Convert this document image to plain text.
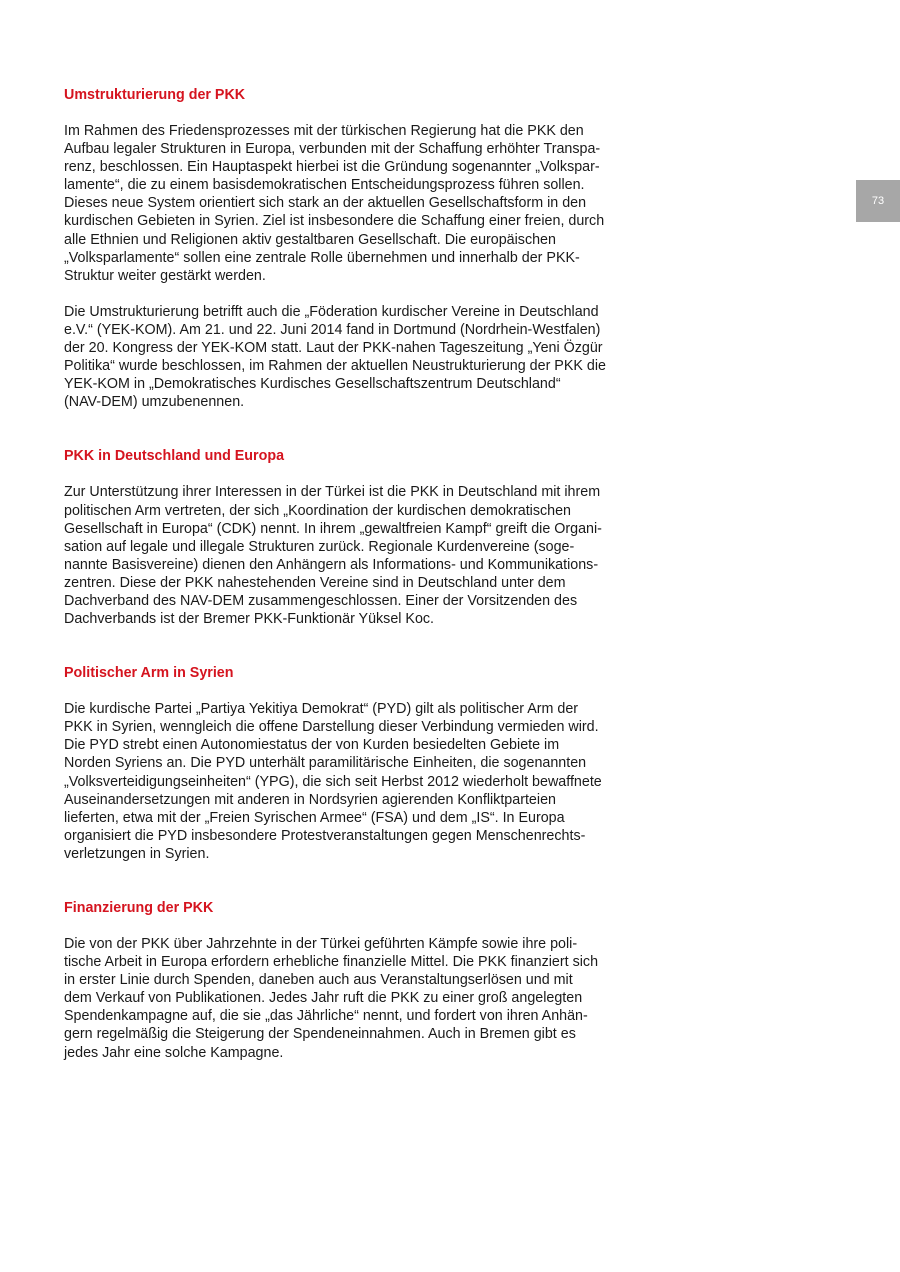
73
Umstrukturierung der PKK
Im Rahmen des Friedensprozesses mit der türkischen Regierung hat die PKK den
Aufbau legaler Strukturen in Europa, verbunden mit der Schaffung erhöhter Transpa-
renz, beschlossen. Ein Hauptaspekt hierbei ist die Gründung sogenannter „Volkspar-
lamente“, die zu einem basisdemokratischen Entscheidungsprozess führen sollen.
Dieses neue System orientiert sich stark an der aktuellen Gesellschaftsform in den
kurdischen Gebieten in Syrien. Ziel ist insbesondere die Schaffung einer freien, durch
alle Ethnien und Religionen aktiv gestaltbaren Gesellschaft. Die europäischen
„Volksparlamente“ sollen eine zentrale Rolle übernehmen und innerhalb der PKK-
Struktur weiter gestärkt werden.
Die Umstrukturierung betrifft auch die „Föderation kurdischer Vereine in Deutschland
e.V.“ (YEK-KOM). Am 21. und 22. Juni 2014 fand in Dortmund (Nordrhein-Westfalen)
der 20. Kongress der YEK-KOM statt. Laut der PKK-nahen Tageszeitung „Yeni Özgür
Politika“ wurde beschlossen, im Rahmen der aktuellen Neustrukturierung der PKK die
YEK-KOM in „Demokratisches Kurdisches Gesellschaftszentrum Deutschland“
(NAV-DEM) umzubenennen.
PKK in Deutschland und Europa
Zur Unterstützung ihrer Interessen in der Türkei ist die PKK in Deutschland mit ihrem
politischen Arm vertreten, der sich „Koordination der kurdischen demokratischen
Gesellschaft in Europa“ (CDK) nennt. In ihrem „gewaltfreien Kampf“ greift die Organi-
sation auf legale und illegale Strukturen zurück. Regionale Kurdenvereine (soge-
nannte Basisvereine) dienen den Anhängern als Informations- und Kommunikations-
zentren. Diese der PKK nahestehenden Vereine sind in Deutschland unter dem
Dachverband des NAV-DEM zusammengeschlossen. Einer der Vorsitzenden des
Dachverbands ist der Bremer PKK-Funktionär Yüksel Koc.
Politischer Arm in Syrien
Die kurdische Partei „Partiya Yekitiya Demokrat“ (PYD) gilt als politischer Arm der
PKK in Syrien, wenngleich die offene Darstellung dieser Verbindung vermieden wird.
Die PYD strebt einen Autonomiestatus der von Kurden besiedelten Gebiete im
Norden Syriens an. Die PYD unterhält paramilitärische Einheiten, die sogenannten
„Volksverteidigungseinheiten“ (YPG), die sich seit Herbst 2012 wiederholt bewaffnete
Auseinandersetzungen mit anderen in Nordsyrien agierenden Konfliktparteien
lieferten, etwa mit der „Freien Syrischen Armee“ (FSA) und dem „IS“. In Europa
organisiert die PYD insbesondere Protestveranstaltungen gegen Menschenrechts-
verletzungen in Syrien.
Finanzierung der PKK
Die von der PKK über Jahrzehnte in der Türkei geführten Kämpfe sowie ihre poli-
tische Arbeit in Europa erfordern erhebliche finanzielle Mittel. Die PKK finanziert sich
in erster Linie durch Spenden, daneben auch aus Veranstaltungserlösen und mit
dem Verkauf von Publikationen. Jedes Jahr ruft die PKK zu einer groß angelegten
Spendenkampagne auf, die sie „das Jährliche“ nennt, und fordert von ihren Anhän-
gern regelmäßig die Steigerung der Spendeneinnahmen. Auch in Bremen gibt es
jedes Jahr eine solche Kampagne.
